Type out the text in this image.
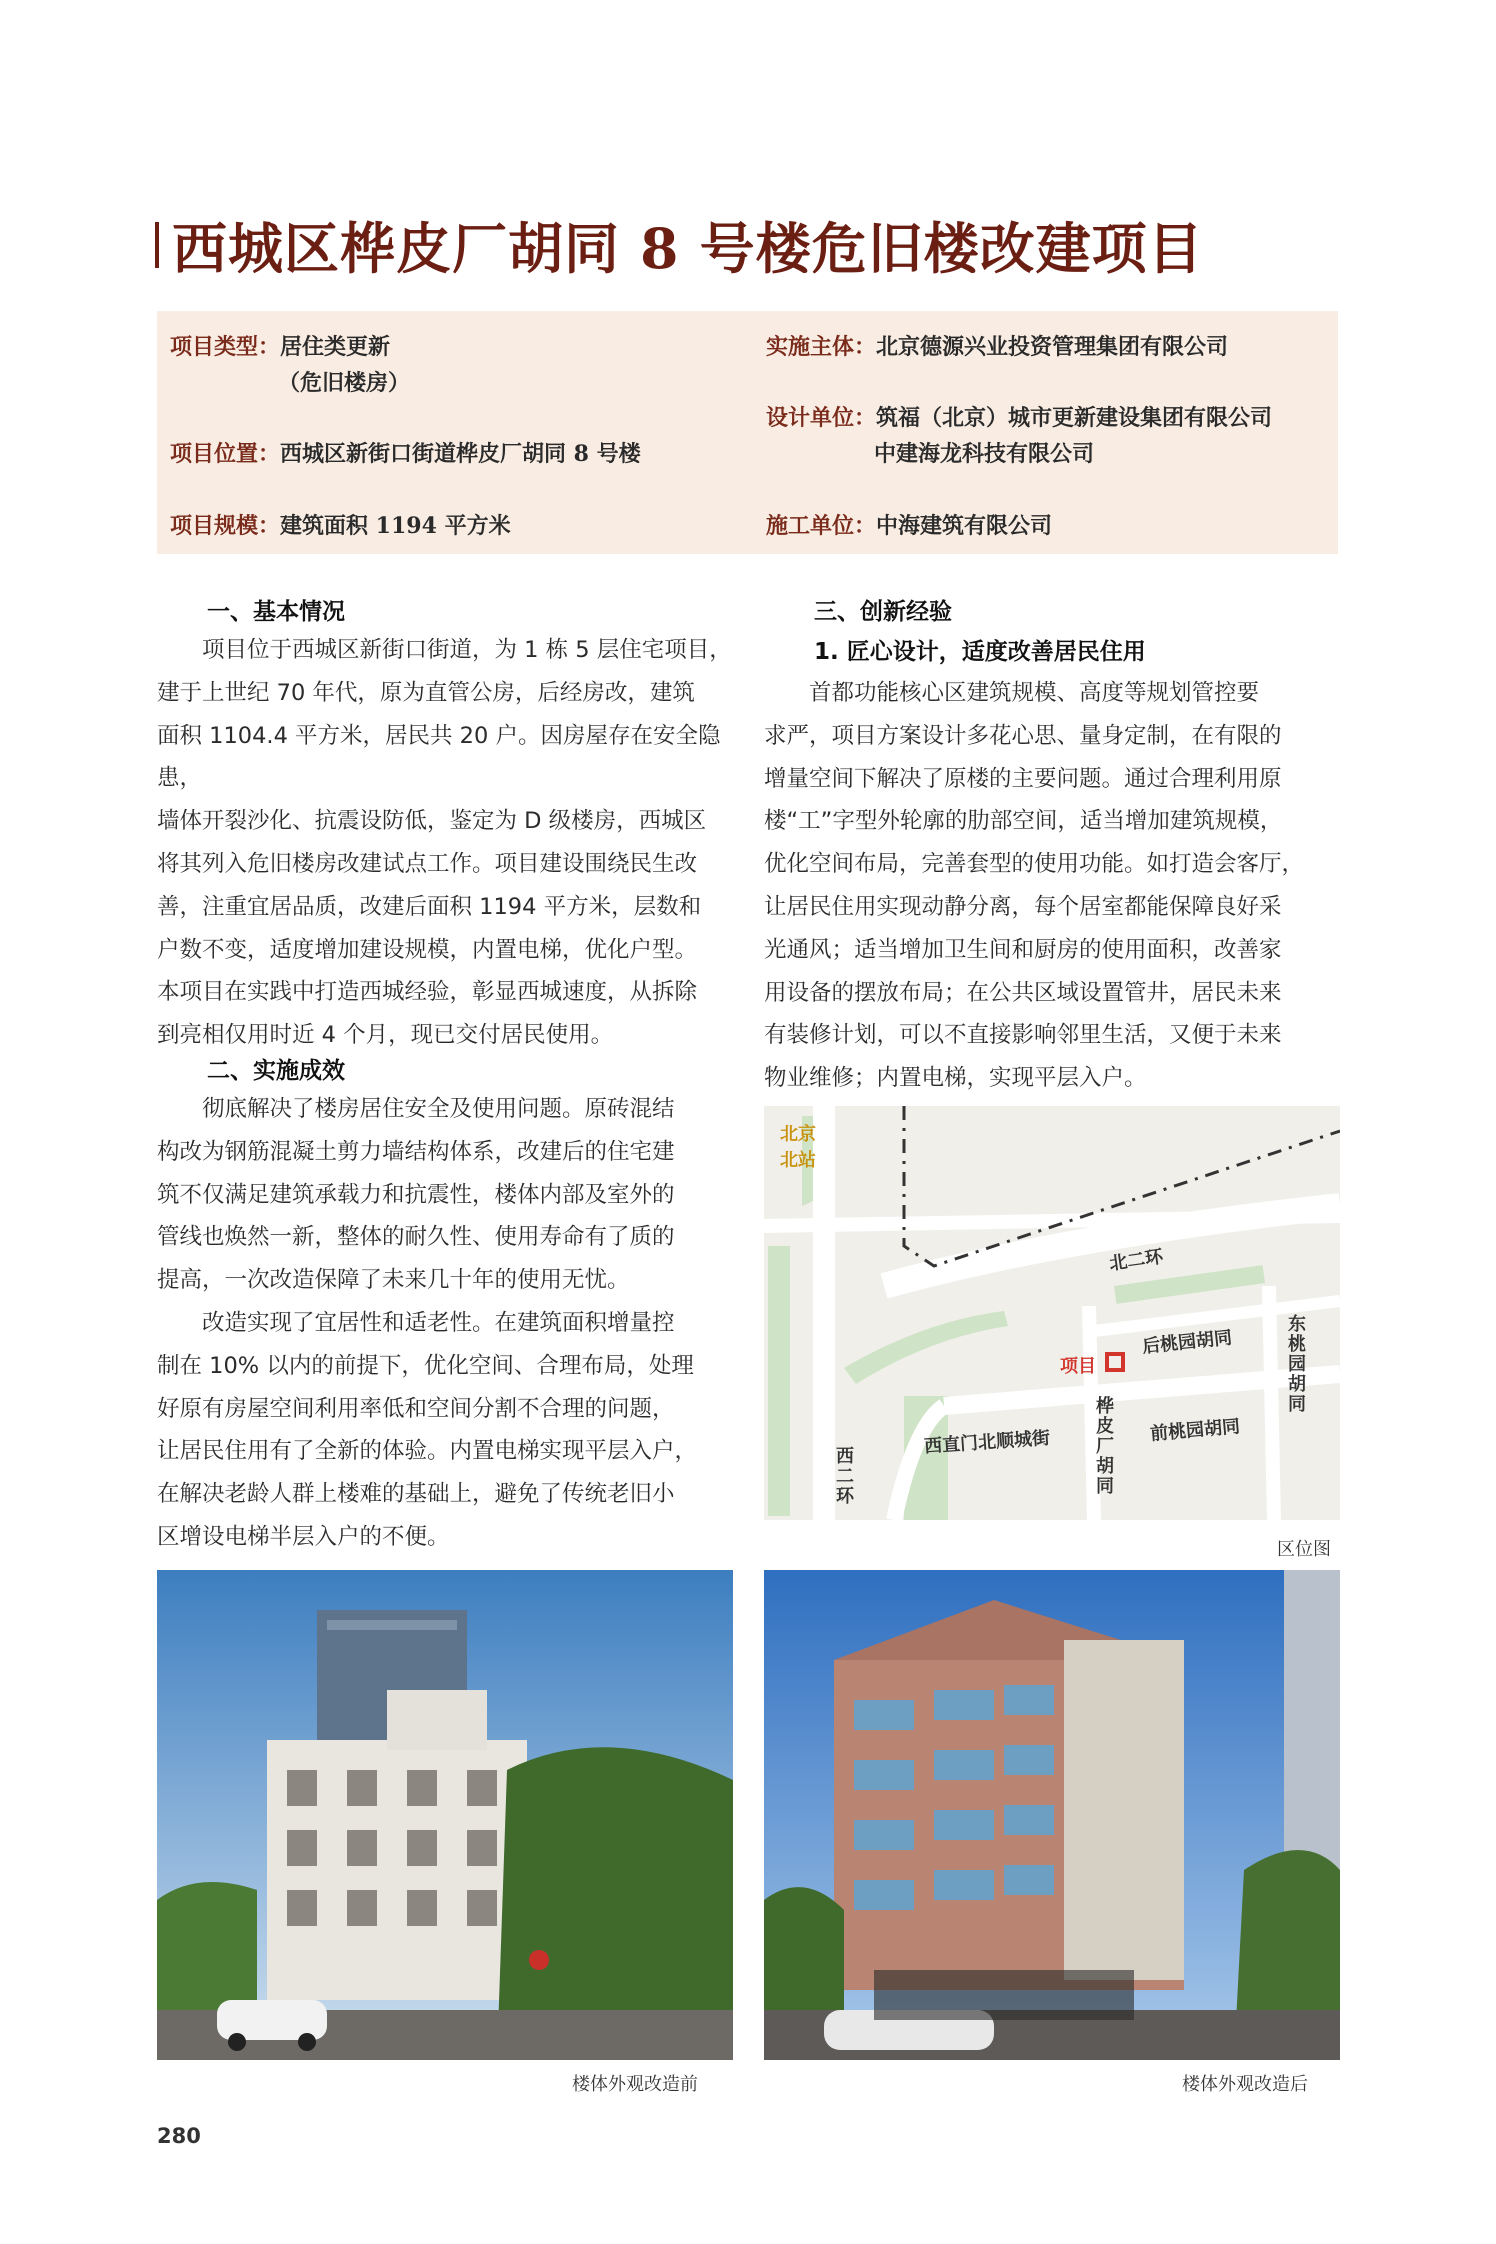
西城区桦皮厂胡同 8 号楼危旧楼改建项目
项目类型：居住类更新
（危旧楼房）
项目位置：西城区新街口街道桦皮厂胡同 8 号楼
项目规模：建筑面积 1194 平方米
实施主体：北京德源兴业投资管理集团有限公司
设计单位：筑福（北京）城市更新建设集团有限公司
中建海龙科技有限公司
施工单位：中海建筑有限公司
一、基本情况

项目位于西城区新街口街道，为 1 栋 5 层住宅项目，

建于上世纪 70 年代，原为直管公房，后经房改，建筑

面积 1104.4 平方米，居民共 20 户。因房屋存在安全隐患，

墙体开裂沙化、抗震设防低，鉴定为 D 级楼房，西城区

将其列入危旧楼房改建试点工作。项目建设围绕民生改

善，注重宜居品质，改建后面积 1194 平方米，层数和

户数不变，适度增加建设规模，内置电梯，优化户型。

本项目在实践中打造西城经验，彰显西城速度，从拆除

到亮相仅用时近 4 个月，现已交付居民使用。

二、实施成效

彻底解决了楼房居住安全及使用问题。原砖混结

构改为钢筋混凝土剪力墙结构体系，改建后的住宅建

筑不仅满足建筑承载力和抗震性，楼体内部及室外的

管线也焕然一新，整体的耐久性、使用寿命有了质的

提高，一次改造保障了未来几十年的使用无忧。

改造实现了宜居性和适老性。在建筑面积增量控

制在 10% 以内的前提下，优化空间、合理布局，处理

好原有房屋空间利用率低和空间分割不合理的问题，

让居民住用有了全新的体验。内置电梯实现平层入户，

在解决老龄人群上楼难的基础上，避免了传统老旧小

区增设电梯半层入户的不便。

三、创新经验
1. 匠心设计，适度改善居民住用

首都功能核心区建筑规模、高度等规划管控要

求严，项目方案设计多花心思、量身定制，在有限的

增量空间下解决了原楼的主要问题。通过合理利用原

楼“工”字型外轮廓的肋部空间，适当增加建筑规模，

优化空间布局，完善套型的使用功能。如打造会客厅，

让居民住用实现动静分离，每个居室都能保障良好采

光通风；适当增加卫生间和厨房的使用面积，改善家

用设备的摆放布局；在公共区域设置管井，居民未来

有装修计划，可以不直接影响邻里生活，又便于未来

物业维修；内置电梯，实现平层入户。

北京
北站
北二环
后桃园胡同	东桃园胡同
项目
西直门北顺城街 桦皮厂胡同 前桃园胡同
西二环
区位图
楼体外观改造前	楼体外观改造后
280
